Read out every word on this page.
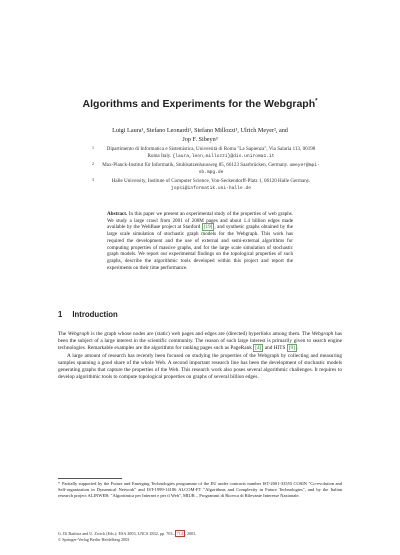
Algorithms and Experiments for the Webgraph*
Luigi Laura¹, Stefano Leonardi¹, Stefano Millozzi¹, Ulrich Meyer², and
Jop F. Sibeyn³
1 Dipartimento di Informatica e Sistemistica, Università di Roma "La Sapienza", Via Salaria 113, 00198 Roma Italy. {laura,leon,millozzi}@dis.uniroma1.it
2 Max-Planck-Institut für Informatik, Stuhlsatzenhausweg 85, 66123 Saarbrücken, Germany. umeyer@mpi-sb.mpg.de
3	Halle University, Institute of Computer Science, Von-Seckendorff-Platz 1, 06120 Halle Germany. jopsi@informatik.uni-halle.de
Abstract. In this paper we present an experimental study of the properties of web graphs. We study a large crawl from 2001 of 200M pages and about 1.4 billion edges made available by the WebBase project at Stanford [19] , and synthetic graphs obtained by the large scale simulation of stochastic graph models for the Webgraph. This work has required the development and the use of external and semi-external algorithms for computing properties of massive graphs, and for the large scale simulation of stochastic graph models. We report our experimental findings on the topological properties of such graphs, describe the algorithmic tools developed within this project and report the experiments on their time performance.
1 Introduction

The Webgraph is the graph whose nodes are (static) web pages and edges are (directed) hyperlinks among them. The Webgraph has been the subject of a large interest in the scientific community. The reason of such large interest is primarily given to search engine technologies. Remarkable examples are the algorithms for ranking pages such as PageRank [4] and HITS [9] .

A large amount of research has recently been focused on studying the properties of the Webgraph by collecting and measuring samples spanning a good share of the whole Web. A second important research line has been the development of stochastic models generating graphs that capture the properties of the Web. This research work also poses several algorithmic challenges. It requires to develop algorithmic tools to compute topological properties on graphs of several billion edges.

* Partially supported by the Future and Emerging Technologies programme of the EU under contracts number IST-2001-33555 COSIN "Co-evolution and Self-organization in Dynamical Network" and IST-1999-14186 ALCOM-FT "Algorithms and Complexity in Future Technologies", and by the Italian research project ALINWEB: "Algoritmica per Internet e per il Web", MIUR – Programmi di Ricerca di Rilevante Interesse Nazionale.
G. Di Battista and U. Zwick (Eds.): ESA 2003, LNCS 2832, pp. 703– 714 , 2003.
© Springer-Verlag Berlin Heidelberg 2003
